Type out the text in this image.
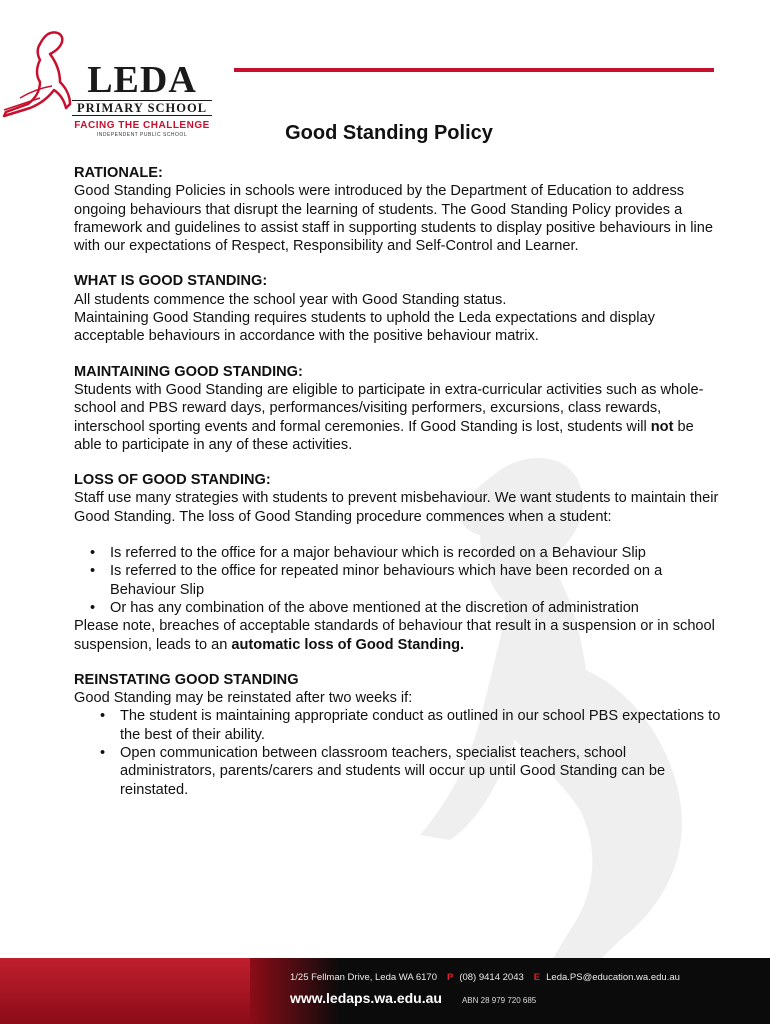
LEDA
PRIMARY SCHOOL
FACING THE CHALLENGE
INDEPENDENT PUBLIC SCHOOL	Good Standing Policy

RATIONALE:

Good Standing Policies in schools were introduced by the Department of Education to address ongoing behaviours that disrupt the learning of students. The Good Standing Policy provides a framework and guidelines to assist staff in supporting students to display positive behaviours in line with our expectations of Respect, Responsibility and Self-Control and Learner.

WHAT IS GOOD STANDING:

All students commence the school year with Good Standing status.

Maintaining Good Standing requires students to uphold the Leda expectations and display acceptable behaviours in accordance with the positive behaviour matrix.

MAINTAINING GOOD STANDING:

Students with Good Standing are eligible to participate in extra-curricular activities such as whole-school and PBS reward days, performances/visiting performers, excursions, class rewards, interschool sporting events and formal ceremonies. If Good Standing is lost, students will not be able to participate in any of these activities.

LOSS OF GOOD STANDING:

Staff use many strategies with students to prevent misbehaviour. We want students to maintain their Good Standing. The loss of Good Standing procedure commences when a student:

• Is referred to the office for a major behaviour which is recorded on a Behaviour Slip
• Is referred to the office for repeated minor behaviours which have been recorded on a Behaviour Slip
• Or has any combination of the above mentioned at the discretion of administration

Please note, breaches of acceptable standards of behaviour that result in a suspension or in school suspension, leads to an automatic loss of Good Standing.

REINSTATING GOOD STANDING

Good Standing may be reinstated after two weeks if:

• The student is maintaining appropriate conduct as outlined in our school PBS expectations to the best of their ability.
• Open communication between classroom teachers, specialist teachers, school administrators, parents/carers and students will occur up until Good Standing can be reinstated.
1/25 Fellman Drive, Leda WA 6170 P (08) 9414 2043 E Leda.PS@education.wa.edu.au
www.ledaps.wa.edu.au	ABN 28 979 720 685
